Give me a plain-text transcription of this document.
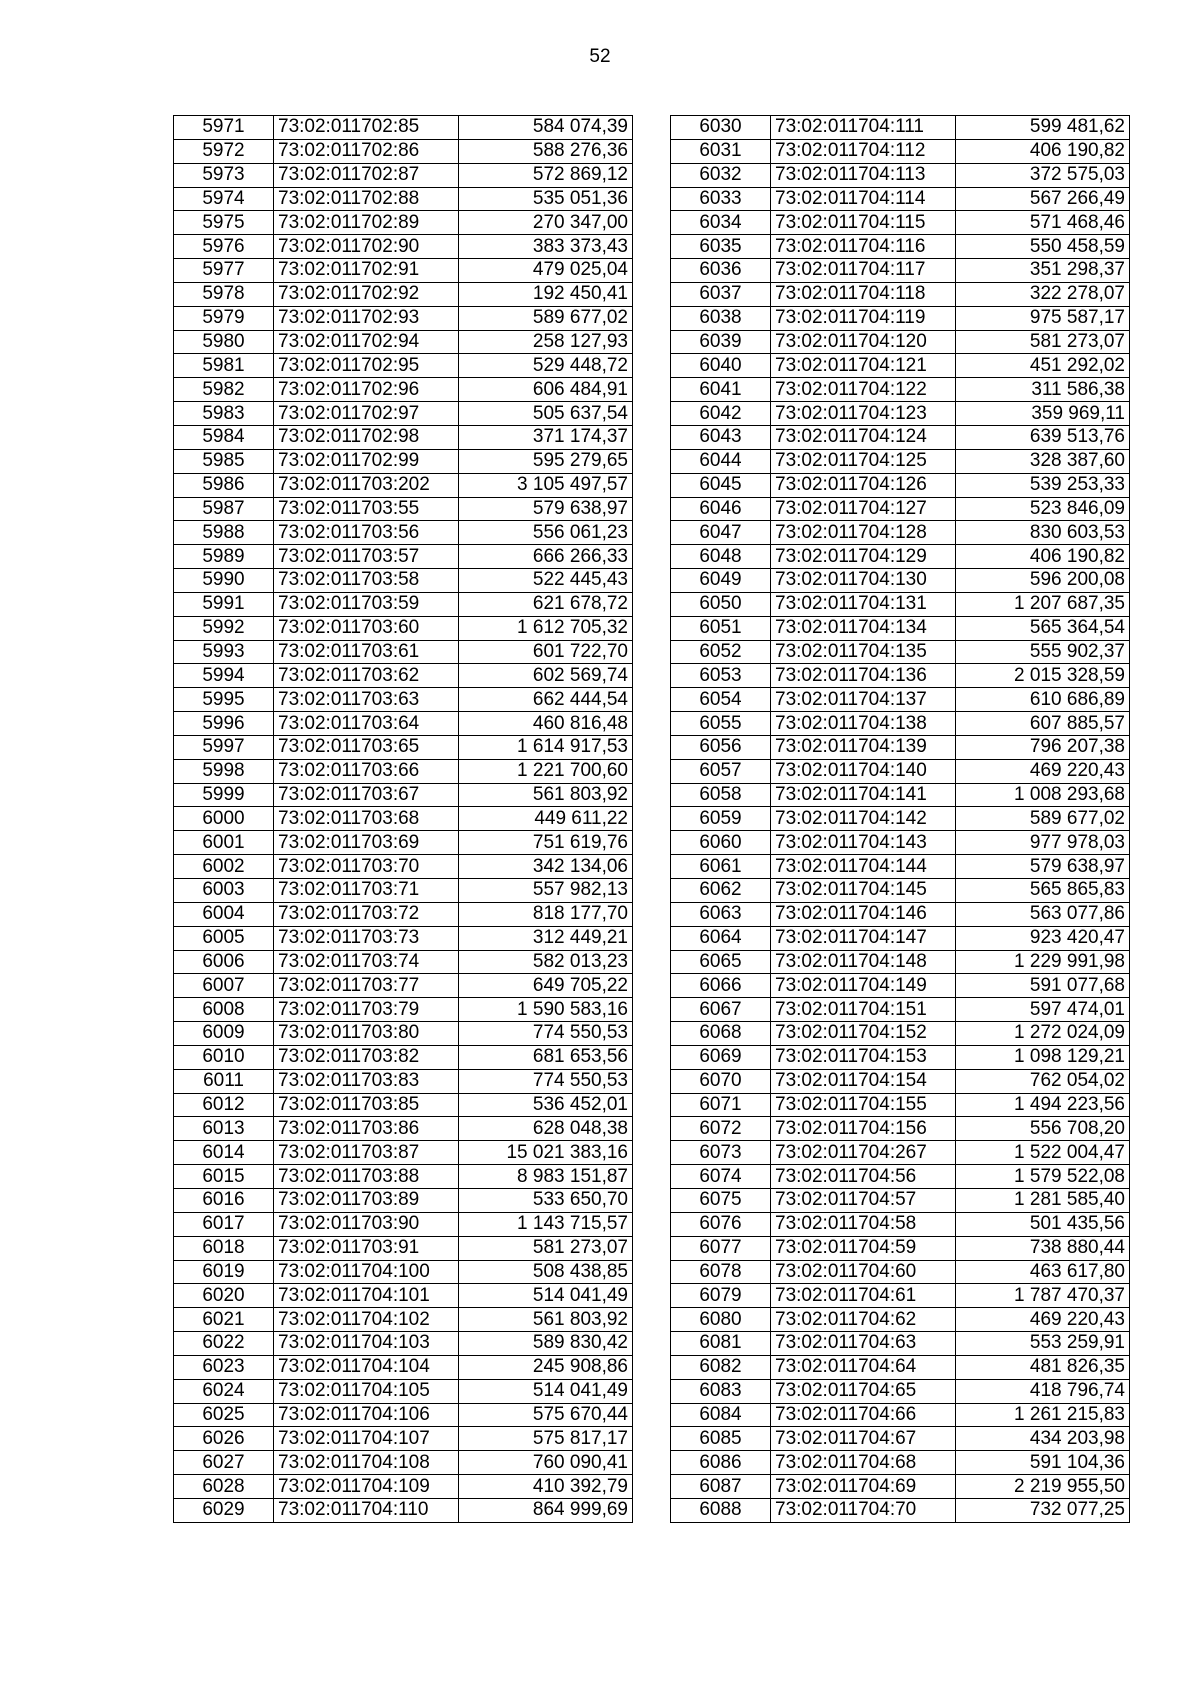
52
5971	73:02:011702:85	584 074,39
5972	73:02:011702:86	588 276,36
5973	73:02:011702:87	572 869,12
5974	73:02:011702:88	535 051,36
5975	73:02:011702:89	270 347,00
5976	73:02:011702:90	383 373,43
5977	73:02:011702:91	479 025,04
5978	73:02:011702:92	192 450,41
5979	73:02:011702:93	589 677,02
5980	73:02:011702:94	258 127,93
5981	73:02:011702:95	529 448,72
5982	73:02:011702:96	606 484,91
5983	73:02:011702:97	505 637,54
5984	73:02:011702:98	371 174,37
5985	73:02:011702:99	595 279,65
5986	73:02:011703:202	3 105 497,57
5987	73:02:011703:55	579 638,97
5988	73:02:011703:56	556 061,23
5989	73:02:011703:57	666 266,33
5990	73:02:011703:58	522 445,43
5991	73:02:011703:59	621 678,72
5992	73:02:011703:60	1 612 705,32
5993	73:02:011703:61	601 722,70
5994	73:02:011703:62	602 569,74
5995	73:02:011703:63	662 444,54
5996	73:02:011703:64	460 816,48
5997	73:02:011703:65	1 614 917,53
5998	73:02:011703:66	1 221 700,60
5999	73:02:011703:67	561 803,92
6000	73:02:011703:68	449 611,22
6001	73:02:011703:69	751 619,76
6002	73:02:011703:70	342 134,06
6003	73:02:011703:71	557 982,13
6004	73:02:011703:72	818 177,70
6005	73:02:011703:73	312 449,21
6006	73:02:011703:74	582 013,23
6007	73:02:011703:77	649 705,22
6008	73:02:011703:79	1 590 583,16
6009	73:02:011703:80	774 550,53
6010	73:02:011703:82	681 653,56
6011	73:02:011703:83	774 550,53
6012	73:02:011703:85	536 452,01
6013	73:02:011703:86	628 048,38
6014	73:02:011703:87	15 021 383,16
6015	73:02:011703:88	8 983 151,87
6016	73:02:011703:89	533 650,70
6017	73:02:011703:90	1 143 715,57
6018	73:02:011703:91	581 273,07
6019	73:02:011704:100	508 438,85
6020	73:02:011704:101	514 041,49
6021	73:02:011704:102	561 803,92
6022	73:02:011704:103	589 830,42
6023	73:02:011704:104	245 908,86
6024	73:02:011704:105	514 041,49
6025	73:02:011704:106	575 670,44
6026	73:02:011704:107	575 817,17
6027	73:02:011704:108	760 090,41
6028	73:02:011704:109	410 392,79
6029	73:02:011704:110	864 999,69
6030	73:02:011704:111	599 481,62
6031	73:02:011704:112	406 190,82
6032	73:02:011704:113	372 575,03
6033	73:02:011704:114	567 266,49
6034	73:02:011704:115	571 468,46
6035	73:02:011704:116	550 458,59
6036	73:02:011704:117	351 298,37
6037	73:02:011704:118	322 278,07
6038	73:02:011704:119	975 587,17
6039	73:02:011704:120	581 273,07
6040	73:02:011704:121	451 292,02
6041	73:02:011704:122	311 586,38
6042	73:02:011704:123	359 969,11
6043	73:02:011704:124	639 513,76
6044	73:02:011704:125	328 387,60
6045	73:02:011704:126	539 253,33
6046	73:02:011704:127	523 846,09
6047	73:02:011704:128	830 603,53
6048	73:02:011704:129	406 190,82
6049	73:02:011704:130	596 200,08
6050	73:02:011704:131	1 207 687,35
6051	73:02:011704:134	565 364,54
6052	73:02:011704:135	555 902,37
6053	73:02:011704:136	2 015 328,59
6054	73:02:011704:137	610 686,89
6055	73:02:011704:138	607 885,57
6056	73:02:011704:139	796 207,38
6057	73:02:011704:140	469 220,43
6058	73:02:011704:141	1 008 293,68
6059	73:02:011704:142	589 677,02
6060	73:02:011704:143	977 978,03
6061	73:02:011704:144	579 638,97
6062	73:02:011704:145	565 865,83
6063	73:02:011704:146	563 077,86
6064	73:02:011704:147	923 420,47
6065	73:02:011704:148	1 229 991,98
6066	73:02:011704:149	591 077,68
6067	73:02:011704:151	597 474,01
6068	73:02:011704:152	1 272 024,09
6069	73:02:011704:153	1 098 129,21
6070	73:02:011704:154	762 054,02
6071	73:02:011704:155	1 494 223,56
6072	73:02:011704:156	556 708,20
6073	73:02:011704:267	1 522 004,47
6074	73:02:011704:56	1 579 522,08
6075	73:02:011704:57	1 281 585,40
6076	73:02:011704:58	501 435,56
6077	73:02:011704:59	738 880,44
6078	73:02:011704:60	463 617,80
6079	73:02:011704:61	1 787 470,37
6080	73:02:011704:62	469 220,43
6081	73:02:011704:63	553 259,91
6082	73:02:011704:64	481 826,35
6083	73:02:011704:65	418 796,74
6084	73:02:011704:66	1 261 215,83
6085	73:02:011704:67	434 203,98
6086	73:02:011704:68	591 104,36
6087	73:02:011704:69	2 219 955,50
6088	73:02:011704:70	732 077,25
